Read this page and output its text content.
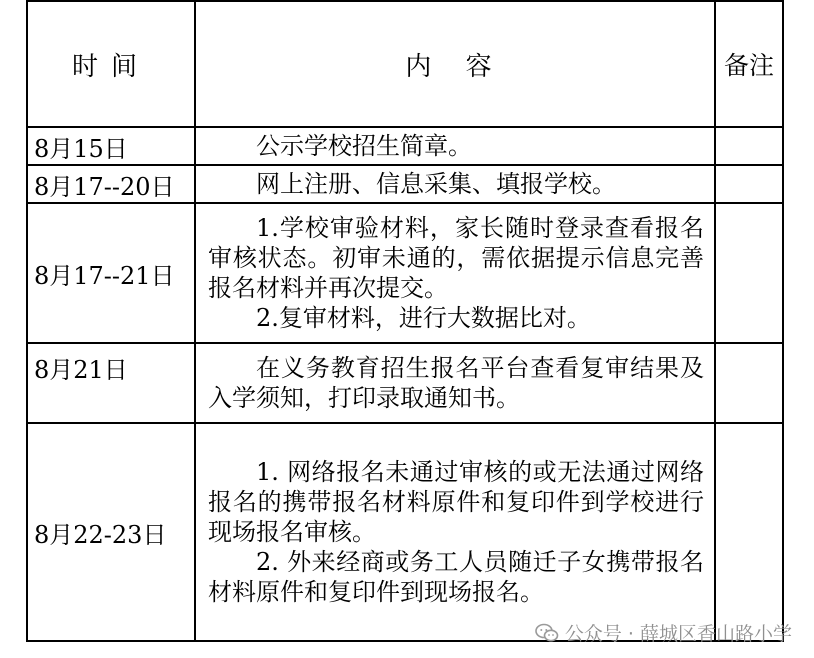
时间	内 容	备注
8月15日	公示学校招生简章。	

8月17--20日	网上注册、信息采集、填报学校。	

8月17--21日	1.学校审验材料，家长随时登录查看报名审核状态。初审未通的，需依据提示信息完善报名材料并再次提交。

2.复审材料，进行大数据比对。	

8月21日	在义务教育招生报名平台查看复审结果及入学须知，打印录取通知书。	

8月22-23日	1. 网络报名未通过审核的或无法通过网络报名的携带报名材料原件和复印件到学校进行现场报名审核。

2. 外来经商或务工人员随迁子女携带报名材料原件和复印件到现场报名。	

公众号 · 薛城区香山路小学
